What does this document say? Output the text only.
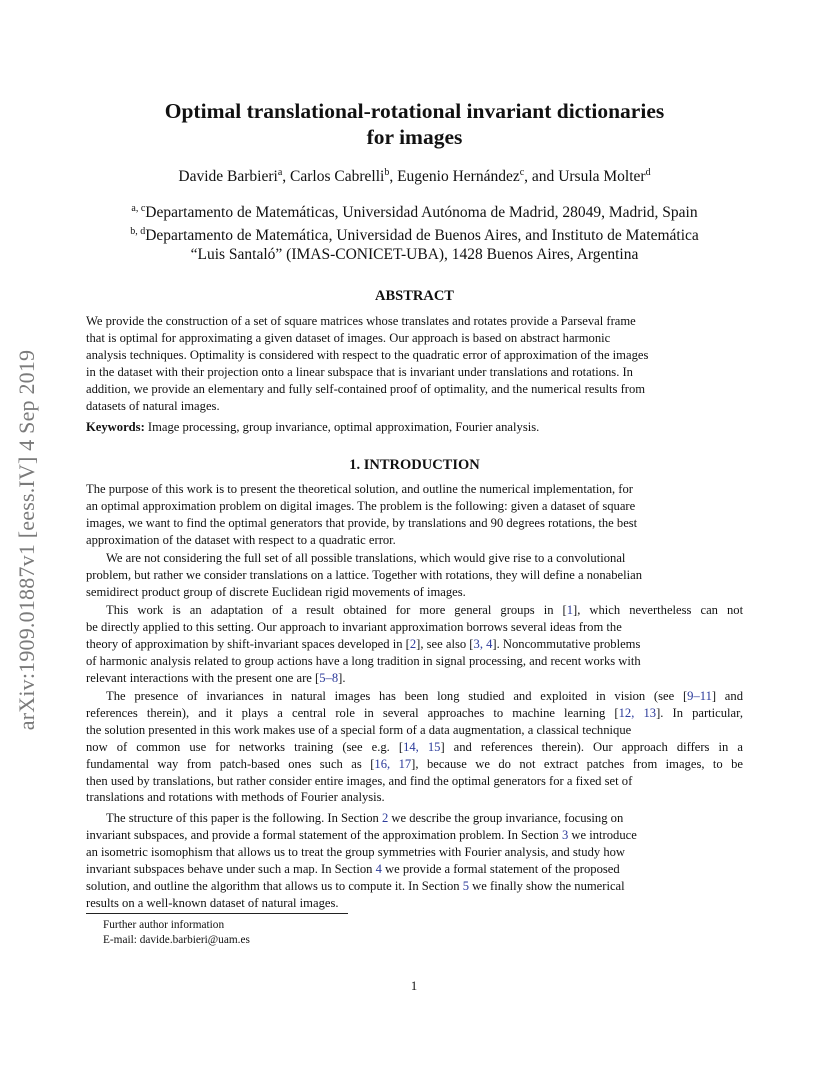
arXiv:1909.01887v1 [eess.IV] 4 Sep 2019
Optimal translational-rotational invariant dictionaries
for images
Davide Barbieri$^a$, Carlos Cabrelli$^b$, Eugenio Hernández$^c$, and Ursula Molter$^d$
$^{a, c}$Departamento de Matemáticas, Universidad Autónoma de Madrid, 28049, Madrid, Spain
$^{b, d}$Departamento de Matemática, Universidad de Buenos Aires, and Instituto de Matemática
“Luis Santaló” (IMAS-CONICET-UBA), 1428 Buenos Aires, Argentina
ABSTRACT
We provide the construction of a set of square matrices whose translates and rotates provide a Parseval frame
that is optimal for approximating a given dataset of images. Our approach is based on abstract harmonic
analysis techniques. Optimality is considered with respect to the quadratic error of approximation of the images
in the dataset with their projection onto a linear subspace that is invariant under translations and rotations. In
addition, we provide an elementary and fully self-contained proof of optimality, and the numerical results from
datasets of natural images.
Keywords: Image processing, group invariance, optimal approximation, Fourier analysis.
1. INTRODUCTION
The purpose of this work is to present the theoretical solution, and outline the numerical implementation, for
an optimal approximation problem on digital images. The problem is the following: given a dataset of square
images, we want to find the optimal generators that provide, by translations and 90 degrees rotations, the best
approximation of the dataset with respect to a quadratic error.
We are not considering the full set of all possible translations, which would give rise to a convolutional
problem, but rather we consider translations on a lattice. Together with rotations, they will define a nonabelian
semidirect product group of discrete Euclidean rigid movements of images.
This work is an adaptation of a result obtained for more general groups in [1], which nevertheless can not
be directly applied to this setting. Our approach to invariant approximation borrows several ideas from the
theory of approximation by shift-invariant spaces developed in [2], see also [3, 4]. Noncommutative problems
of harmonic analysis related to group actions have a long tradition in signal processing, and recent works with
relevant interactions with the present one are [5–8].
The presence of invariances in natural images has been long studied and exploited in vision (see [9–11] and
references therein), and it plays a central role in several approaches to machine learning [12, 13]. In particular,
the solution presented in this work makes use of a special form of a data augmentation, a classical technique
now of common use for networks training (see e.g. [14, 15] and references therein). Our approach differs in a
fundamental way from patch-based ones such as [16, 17], because we do not extract patches from images, to be
then used by translations, but rather consider entire images, and find the optimal generators for a fixed set of
translations and rotations with methods of Fourier analysis.
The structure of this paper is the following. In Section 2 we describe the group invariance, focusing on
invariant subspaces, and provide a formal statement of the approximation problem. In Section 3 we introduce
an isometric isomophism that allows us to treat the group symmetries with Fourier analysis, and study how
invariant subspaces behave under such a map. In Section 4 we provide a formal statement of the proposed
solution, and outline the algorithm that allows us to compute it. In Section 5 we finally show the numerical
results on a well-known dataset of natural images.
Further author information
E-mail: davide.barbieri@uam.es
1
